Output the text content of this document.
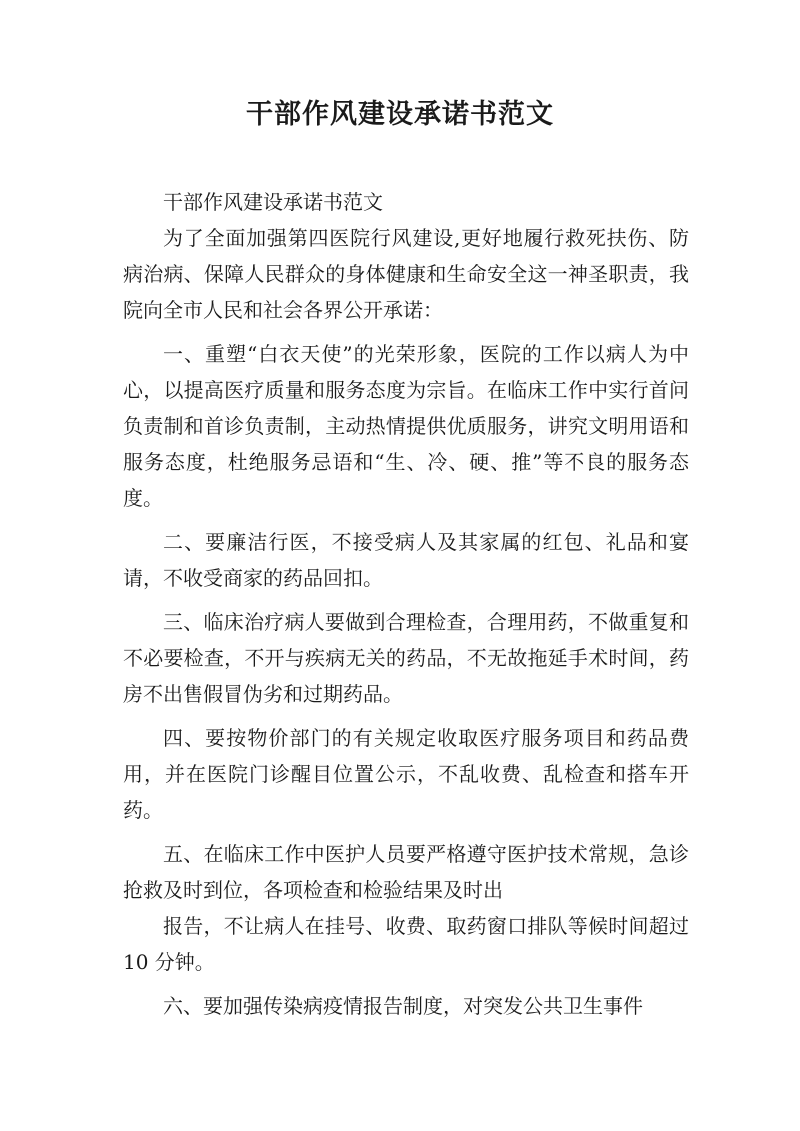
干部作风建设承诺书范文

干部作风建设承诺书范文

为了全面加强第四医院行风建设,更好地履行救死扶伤、防病治病、保障人民群众的身体健康和生命安全这一神圣职责，我院向全市人民和社会各界公开承诺：

一、重塑“白衣天使”的光荣形象，医院的工作以病人为中心，以提高医疗质量和服务态度为宗旨。在临床工作中实行首问负责制和首诊负责制，主动热情提供优质服务，讲究文明用语和服务态度，杜绝服务忌语和“生、冷、硬、推”等不良的服务态度。

二、要廉洁行医，不接受病人及其家属的红包、礼品和宴请，不收受商家的药品回扣。

三、临床治疗病人要做到合理检查，合理用药，不做重复和不必要检查，不开与疾病无关的药品，不无故拖延手术时间，药房不出售假冒伪劣和过期药品。

四、要按物价部门的有关规定收取医疗服务项目和药品费用，并在医院门诊醒目位置公示，不乱收费、乱检查和搭车开药。

五、在临床工作中医护人员要严格遵守医护技术常规，急诊抢救及时到位，各项检查和检验结果及时出

报告，不让病人在挂号、收费、取药窗口排队等候时间超过 10 分钟。

六、要加强传染病疫情报告制度，对突发公共卫生事件
